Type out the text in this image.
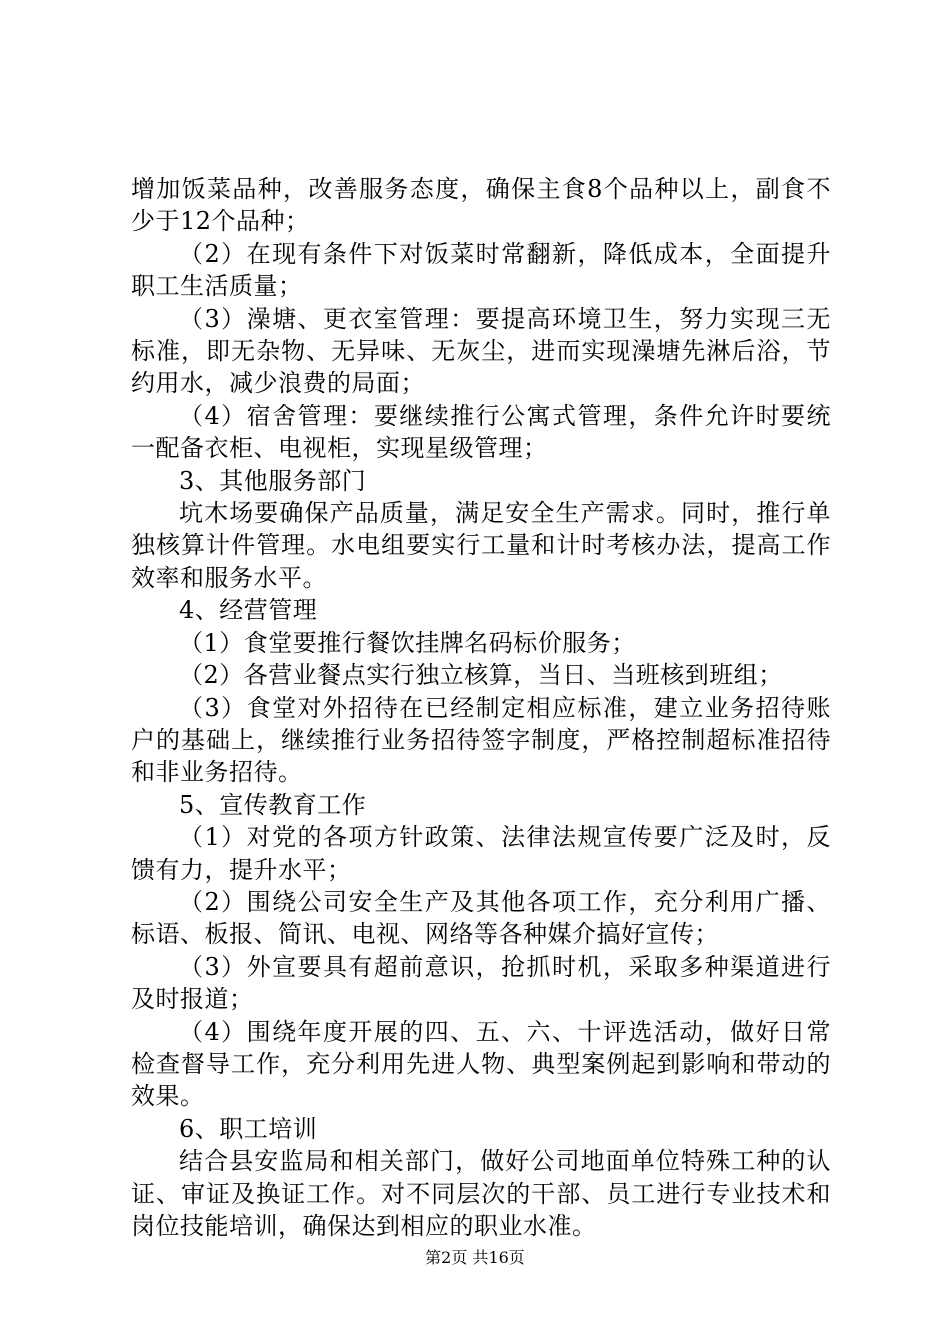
增加饭菜品种，改善服务态度，确保主食8个品种以上，副食不少于12个品种；

（2）在现有条件下对饭菜时常翻新，降低成本，全面提升职工生活质量；

（3）澡塘、更衣室管理：要提高环境卫生，努力实现三无标准，即无杂物、无异味、无灰尘，进而实现澡塘先淋后浴，节约用水，减少浪费的局面；

（4）宿舍管理：要继续推行公寓式管理，条件允许时要统一配备衣柜、电视柜，实现星级管理；

3、其他服务部门

坑木场要确保产品质量，满足安全生产需求。同时，推行单独核算计件管理。水电组要实行工量和计时考核办法，提高工作效率和服务水平。

4、经营管理

（1）食堂要推行餐饮挂牌名码标价服务；

（2）各营业餐点实行独立核算，当日、当班核到班组；

（3）食堂对外招待在已经制定相应标准，建立业务招待账户的基础上，继续推行业务招待签字制度，严格控制超标准招待和非业务招待。

5、宣传教育工作

（1）对党的各项方针政策、法律法规宣传要广泛及时，反馈有力，提升水平；

（2）围绕公司安全生产及其他各项工作，充分利用广播、标语、板报、简讯、电视、网络等各种媒介搞好宣传；

（3）外宣要具有超前意识，抢抓时机，采取多种渠道进行及时报道；

（4）围绕年度开展的四、五、六、十评选活动，做好日常检查督导工作，充分利用先进人物、典型案例起到影响和带动的效果。

6、职工培训

结合县安监局和相关部门，做好公司地面单位特殊工种的认证、审证及换证工作。对不同层次的干部、员工进行专业技术和岗位技能培训，确保达到相应的职业水准。

第2页 共16页
